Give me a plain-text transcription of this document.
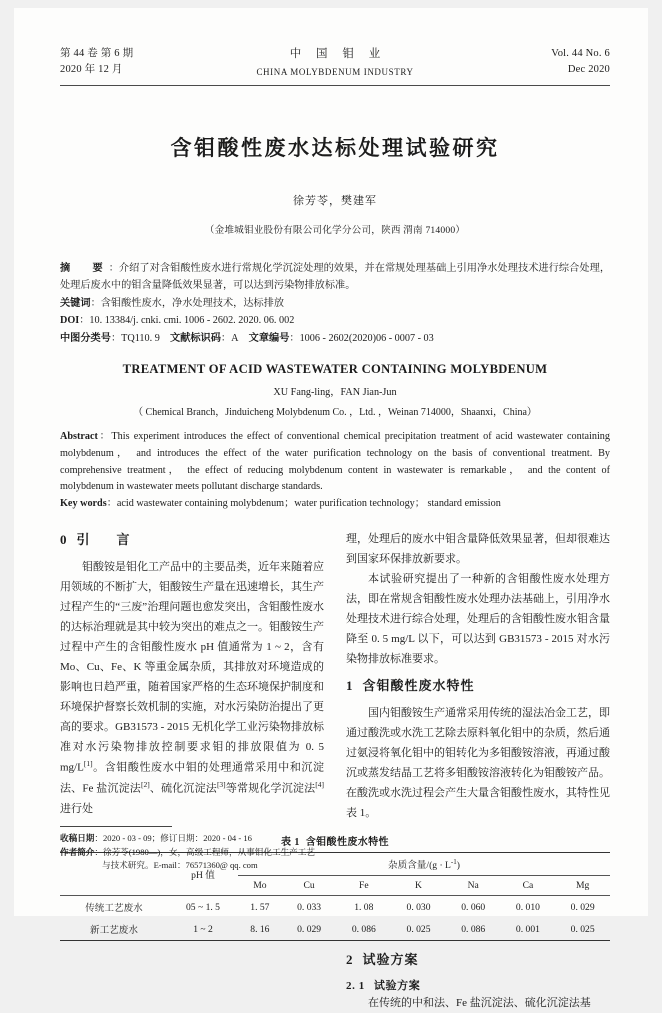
第 44 卷 第 6 期
2020 年 12 月
中 国 钼 业
CHINA MOLYBDENUM INDUSTRY
Vol. 44 No. 6
Dec 2020
含钼酸性废水达标处理试验研究
徐芳苓，樊建军
（金堆城钼业股份有限公司化学分公司，陕西 渭南 714000）

摘　要：介绍了对含钼酸性废水进行常规化学沉淀处理的效果，并在常规处理基础上引用净水处理技术进行综合处理，处理后废水中的钼含量降低效果显著，可以达到污染物排放标准。

关键词：含钼酸性废水，净水处理技术，达标排放

DOI：10. 13384/j. cnki. cmi. 1006 - 2602. 2020. 06. 002

中图分类号：TQ110. 9 文献标识码：A 文章编号：1006 - 2602(2020)06 - 0007 - 03

TREATMENT OF ACID WASTEWATER CONTAINING MOLYBDENUM
XU Fang-ling，FAN Jian-Jun
（ Chemical Branch，Jinduicheng Molybdenum Co. ，Ltd. ，Weinan 714000，Shaanxi，China）

Abstract：This experiment introduces the effect of conventional chemical precipitation treatment of acid wastewater containing molybdenum， and introduces the effect of the water purification technology on the basis of conventional treatment. By comprehensive treatment， the effect of reducing molybdenum content in wastewater is remarkable， and the content of molybdenum in wastewater meets pollutant discharge standards.

Key words：acid wastewater containing molybdenum；water purification technology； standard emission

0 引　言

钼酸铵是钼化工产品中的主要品类，近年来随着应用领域的不断扩大，钼酸铵生产量在迅速增长，其生产过程产生的“三废”治理问题也愈发突出，含钼酸性废水的达标治理就是其中较为突出的难点之一。钼酸铵生产过程中产生的含钼酸性废水 pH 值通常为 1 ~ 2，含有 Mo、Cu、Fe、K 等重金属杂质，其排放对环境造成的影响也日趋严重，随着国家严格的生态环境保护制度和环境保护督察长效机制的实施，对水污染防治提出了更高的要求。GB31573 - 2015 无机化学工业污染物排放标准对水污染物排放控制要求钼的排放限值为 0. 5 mg/L[1]。含钼酸性废水中钼的处理通常采用中和沉淀法、Fe 盐沉淀法[2]、硫化沉淀法[3]等常规化学沉淀法[4]进行处

理，处理后的废水中钼含量降低效果显著，但却很难达到国家环保排放新要求。

本试验研究提出了一种新的含钼酸性废水处理方法，即在常规含钼酸性废水处理办法基础上，引用净水处理技术进行综合处理，处理后的含钼酸性废水钼含量降至 0. 5 mg/L 以下，可以达到 GB31573 - 2015 对水污染物排放标准要求。

1 含钼酸性废水特性

国内钼酸铵生产通常采用传统的湿法冶金工艺，即通过酸洗或水洗工艺除去原料氧化钼中的杂质，然后通过氨浸将氧化钼中的钼转化为多钼酸铵溶液，再通过酸沉或蒸发结晶工艺将多钼酸铵溶液转化为钼酸铵产品。在酸洗或水洗过程会产生大量含钼酸性废水，其特性见表 1。

表 1 含钼酸性废水特性
	pH 值	杂质含量$/(g \cdot L^{-1})$						
		Mo	Cu	Fe	K	Na	Ca	Mg
传统工艺废水	05 ~ 1. 5	1. 57	0. 033	1. 08	0. 030	0. 060	0. 010	0. 029
新工艺废水	1 ~ 2	8. 16	0. 029	0. 086	0. 025	0. 086	0. 001	0. 025
2 试验方案
2. 1 试验方案

在传统的中和法、Fe 盐沉淀法、硫化沉淀法基

收稿日期：2020 - 03 - 09；修订日期：2020 - 04 - 16

作者简介：徐芳苓(1980—)，女，高级工程师，从事钼化工生产工艺

与技术研究。E-mail：76571360@ qq. com
